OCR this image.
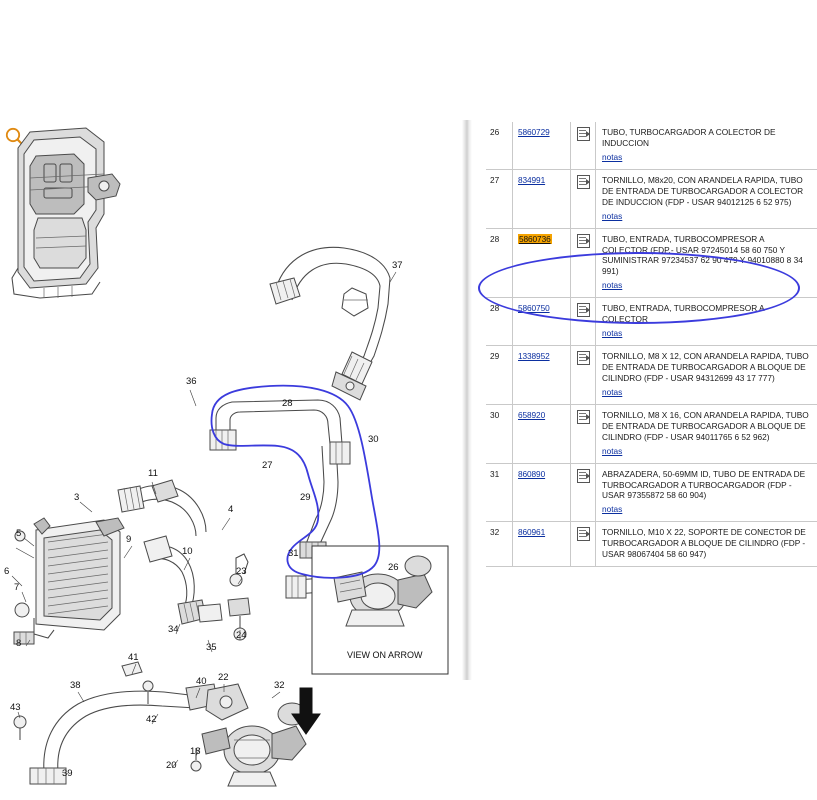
VIEW ON ARROW
37
36
28
30
27
29
31
26
11
3
4
5
9
10
23
6
7
8
34
35
24
41
40
42
38
43
39
20
18
32
22
26	5860729		TUBO, TURBOCARGADOR A COLECTOR DE INDUCCION
notas

27	834991		TORNILLO, M8x20, CON ARANDELA RAPIDA, TUBO DE ENTRADA DE TURBOCARGADOR A COLECTOR DE INDUCCION (FDP - USAR 94012125 6 52 975)
notas

28	5860736		TUBO, ENTRADA, TURBOCOMPRESOR A COLECTOR (FDP.- USAR 97245014 58 60 750 Y SUMINISTRAR 97234537 62 90 479 Y 94010880 8 34 991)
notas

28	5860750		TUBO, ENTRADA, TURBOCOMPRESOR A COLECTOR
notas

29	1338952		TORNILLO, M8 X 12, CON ARANDELA RAPIDA, TUBO DE ENTRADA DE TURBOCARGADOR A BLOQUE DE CILINDRO (FDP - USAR 94312699 43 17 777)
notas

30	658920		TORNILLO, M8 X 16, CON ARANDELA RAPIDA, TUBO DE ENTRADA DE TURBOCARGADOR A BLOQUE DE CILINDRO (FDP - USAR 94011765 6 52 962)
notas

31	860890		ABRAZADERA, 50-69MM ID, TUBO DE ENTRADA DE TURBOCARGADOR A TURBOCARGADOR (FDP - USAR 97355872 58 60 904)
notas

32	860961		TORNILLO, M10 X 22, SOPORTE DE CONECTOR DE TURBOCARGADOR A BLOQUE DE CILINDRO (FDP - USAR 98067404 58 60 947)
